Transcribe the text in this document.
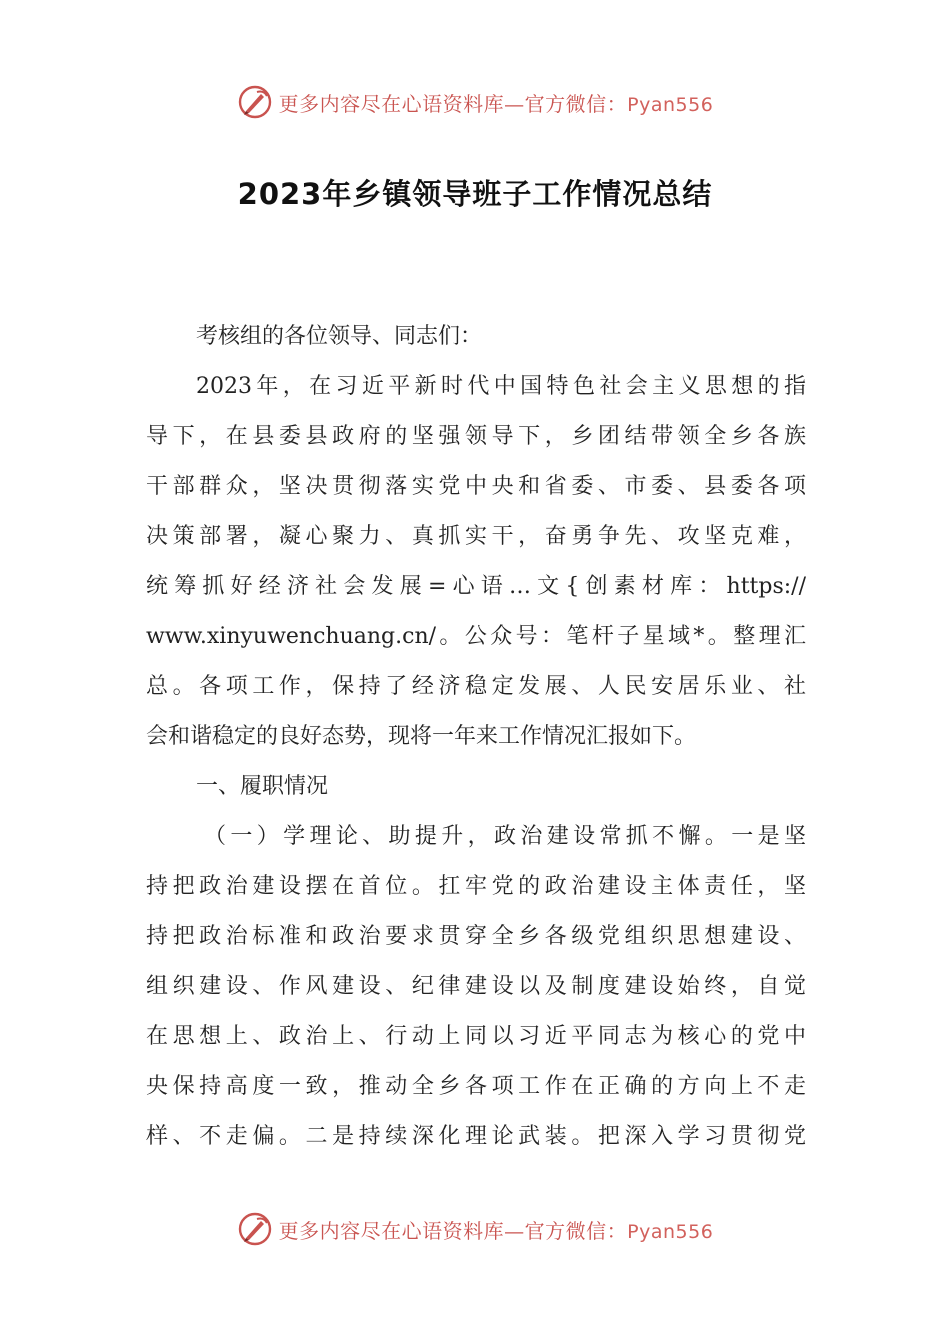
更多内容尽在心语资料库—官方微信：Pyan556
2023年乡镇领导班子工作情况总结
考核组的各位领导、同志们：
2023年，在习近平新时代中国特色社会主义思想的指
导下，在县委县政府的坚强领导下，乡团结带领全乡各族
干部群众，坚决贯彻落实党中央和省委、市委、县委各项
决策部署，凝心聚力、真抓实干，奋勇争先、攻坚克难，
统筹抓好经济社会发展=心语…文{创素材库：https://
www.xinyuwenchuang.cn/。公众号：笔杆子星域*。整理汇
总。各项工作，保持了经济稳定发展、人民安居乐业、社
会和谐稳定的良好态势，现将一年来工作情况汇报如下。
一、履职情况
（一）学理论、助提升，政治建设常抓不懈。一是坚
持把政治建设摆在首位。扛牢党的政治建设主体责任，坚
持把政治标准和政治要求贯穿全乡各级党组织思想建设、
组织建设、作风建设、纪律建设以及制度建设始终，自觉
在思想上、政治上、行动上同以习近平同志为核心的党中
央保持高度一致，推动全乡各项工作在正确的方向上不走
样、不走偏。二是持续深化理论武装。把深入学习贯彻党
更多内容尽在心语资料库—官方微信：Pyan556
